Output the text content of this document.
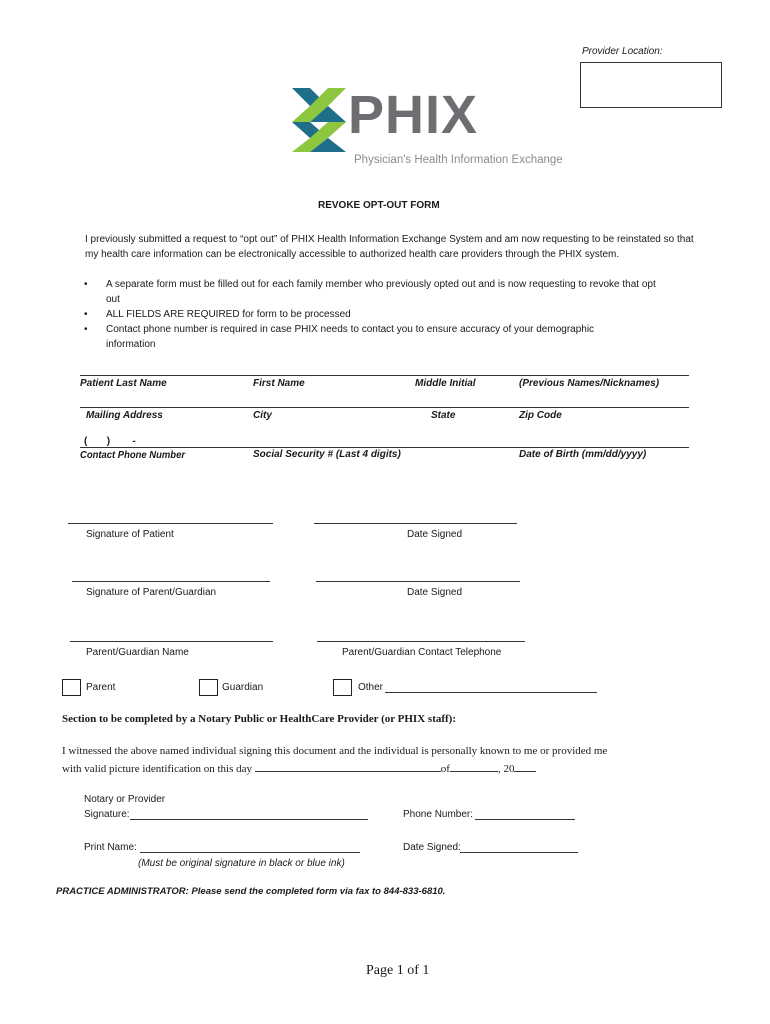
Provider Location:
PHIX
Physician's Health Information Exchange
REVOKE OPT-OUT FORM
I previously submitted a request to “opt out” of PHIX Health Information Exchange System and am now requesting to be reinstated so that my health care information can be electronically accessible to authorized health care providers through the PHIX system.
• A separate form must be filled out for each family member who previously opted out and is now requesting to revoke that opt out
• ALL FIELDS ARE REQUIRED for form to be processed
• Contact phone number is required in case PHIX needs to contact you to ensure accuracy of your demographic information
Patient Last Name	First Name	Middle Initial	(Previous Names/Nicknames)
Mailing Address	City	State	Zip Code
(       )        -
Contact Phone Number	Social Security # (Last 4 digits)	Date of Birth (mm/dd/yyyy)
Signature of Patient	Date Signed
Signature of Parent/Guardian	Date Signed
Parent/Guardian Name	Parent/Guardian Contact Telephone
Parent	Guardian	Other
Section to be completed by a Notary Public or HealthCare Provider (or PHIX staff):
I witnessed the above named individual signing this document and the individual is personally known to me or provided me
with valid picture identification on this day	of	, 20
Notary or Provider
Signature:	Phone Number:
Print Name:	Date Signed:
(Must be original signature in black or blue ink)
PRACTICE ADMINISTRATOR: Please send the completed form via fax to 844-833-6810.
Page 1 of 1
